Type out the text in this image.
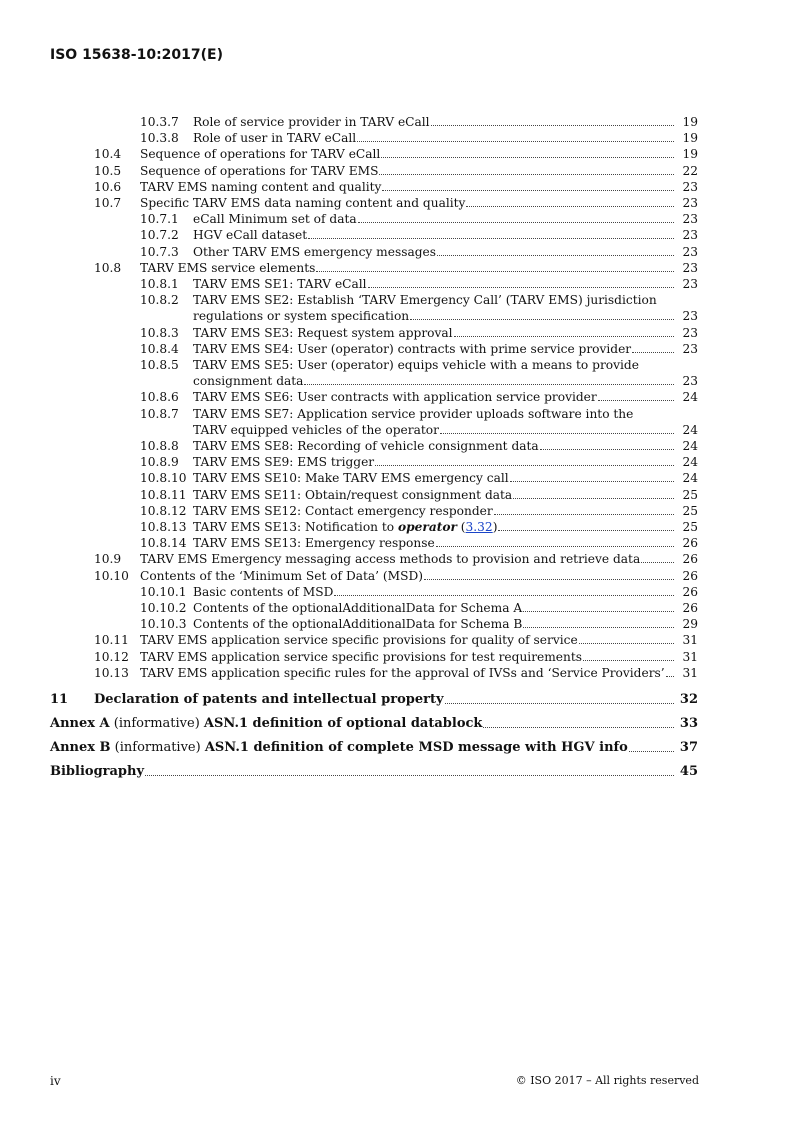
ISO 15638-10:2017(E)
10.3.7 Role of service provider in TARV eCall	19
10.3.8 Role of user in TARV eCall	19
10.4 Sequence of operations for TARV eCall	19
10.5 Sequence of operations for TARV EMS	22
10.6 TARV EMS naming content and quality	23
10.7 Specific TARV EMS data naming content and quality	23
10.7.1 eCall Minimum set of data	23
10.7.2 HGV eCall dataset	23
10.7.3 Other TARV EMS emergency messages	23
10.8 TARV EMS service elements	23
10.8.1 TARV EMS SE1: TARV eCall	23
10.8.2 TARV EMS SE2: Establish ‘TARV Emergency Call’ (TARV EMS) jurisdiction
regulations or system specification	23
10.8.3 TARV EMS SE3: Request system approval	23
10.8.4 TARV EMS SE4: User (operator) contracts with prime service provider	23
10.8.5 TARV EMS SE5: User (operator) equips vehicle with a means to provide
consignment data	23
10.8.6 TARV EMS SE6: User contracts with application service provider	24
10.8.7 TARV EMS SE7: Application service provider uploads software into the
TARV equipped vehicles of the operator	24
10.8.8 TARV EMS SE8: Recording of vehicle consignment data	24
10.8.9 TARV EMS SE9: EMS trigger	24
10.8.10 TARV EMS SE10: Make TARV EMS emergency call	24
10.8.11 TARV EMS SE11: Obtain/request consignment data	25
10.8.12 TARV EMS SE12: Contact emergency responder	25
10.8.13 TARV EMS SE13: Notification to operator (3.32)	25
10.8.14 TARV EMS SE13: Emergency response	26
10.9 TARV EMS Emergency messaging access methods to provision and retrieve data	26
10.10 Contents of the ‘Minimum Set of Data’ (MSD)	26
10.10.1 Basic contents of MSD	26
10.10.2 Contents of the optionalAdditionalData for Schema A	26
10.10.3 Contents of the optionalAdditionalData for Schema B	29
10.11 TARV EMS application service specific provisions for quality of service	31
10.12 TARV EMS application service specific provisions for test requirements	31
10.13 TARV EMS application specific rules for the approval of IVSs and ‘Service Providers’	31
11 Declaration of patents and intellectual property	32
Annex A (informative) ASN.1 definition of optional datablock	33
Annex B (informative) ASN.1 definition of complete MSD message with HGV info	37
Bibliography	45
iv	© ISO 2017 – All rights reserved
